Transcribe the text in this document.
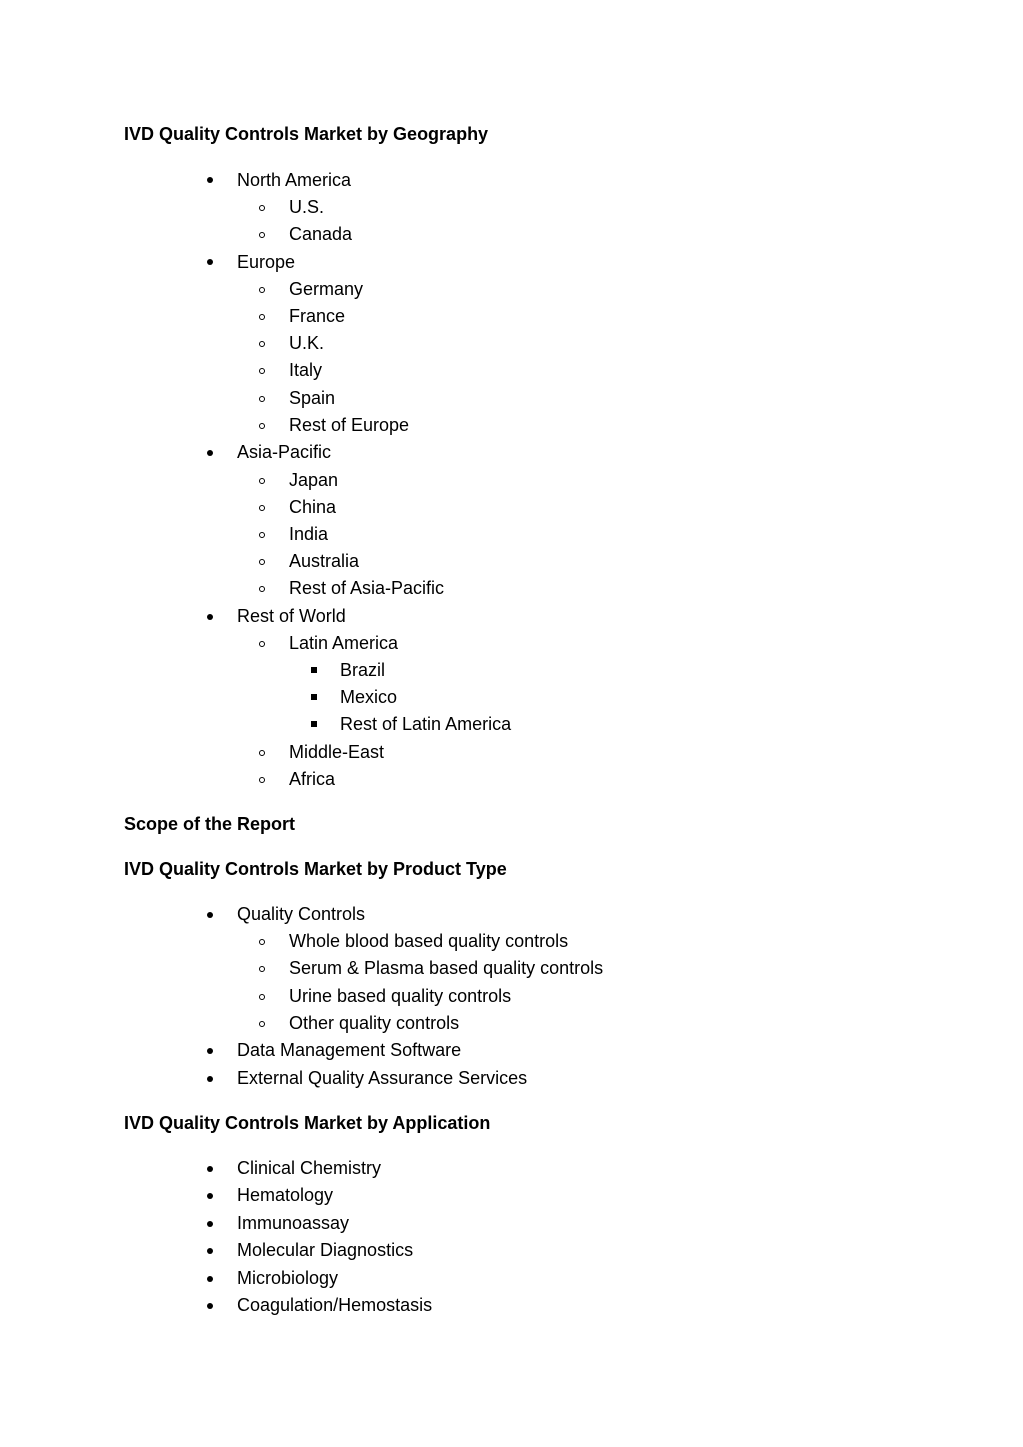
IVD Quality Controls Market by Geography
North America
U.S.
Canada
Europe
Germany
France
U.K.
Italy
Spain
Rest of Europe
Asia-Pacific
Japan
China
India
Australia
Rest of Asia-Pacific
Rest of World
Latin America
Brazil
Mexico
Rest of Latin America
Middle-East
Africa
Scope of the Report
IVD Quality Controls Market by Product Type
Quality Controls
Whole blood based quality controls
Serum & Plasma based quality controls
Urine based quality controls
Other quality controls
Data Management Software
External Quality Assurance Services
IVD Quality Controls Market by Application
Clinical Chemistry
Hematology
Immunoassay
Molecular Diagnostics
Microbiology
Coagulation/Hemostasis
